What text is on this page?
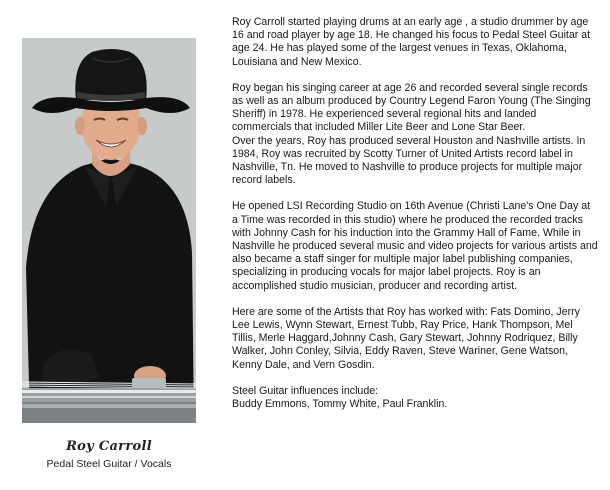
Roy Carroll
Pedal Steel Guitar / Vocals

Roy Carroll started playing drums at an early age , a studio drummer by age 16 and road player by age 18. He changed his focus to Pedal Steel Guitar at age 24. He has played some of the largest venues in Texas, Oklahoma, Louisiana and New Mexico.

Roy began his singing career at age 26 and recorded several single records as well as an album produced by Country Legend Faron Young (The Singing Sheriff) in 1978. He experienced several regional hits and landed commercials that included Miller Lite Beer and Lone Star Beer.

Over the years, Roy has produced several Houston and Nashville artists. In 1984, Roy was recruited by Scotty Turner of United Artists record label in Nashville, Tn. He moved to Nashville to produce projects for multiple major record labels.

He opened LSI Recording Studio on 16th Avenue (Christi Lane's One Day at a Time was recorded in this studio) where he produced the recorded tracks with Johnny Cash for his induction into the Grammy Hall of Fame. While in Nashville he produced several music and video projects for various artists and also became a staff singer for multiple major label publishing companies, specializing in producing vocals for major label projects. Roy is an accomplished studio musician, producer and recording artist.

Here are some of the Artists that Roy has worked with: Fats Domino, Jerry Lee Lewis, Wynn Stewart, Ernest Tubb, Ray Price, Hank Thompson, Mel Tillis, Merle Haggard,Johnny Cash, Gary Stewart, Johnny Rodriquez, Billy Walker, John Conley, Silvia, Eddy Raven, Steve Wariner, Gene Watson, Kenny Dale, and Vern Gosdin.

Steel Guitar influences include:
Buddy Emmons, Tommy White, Paul Franklin.
